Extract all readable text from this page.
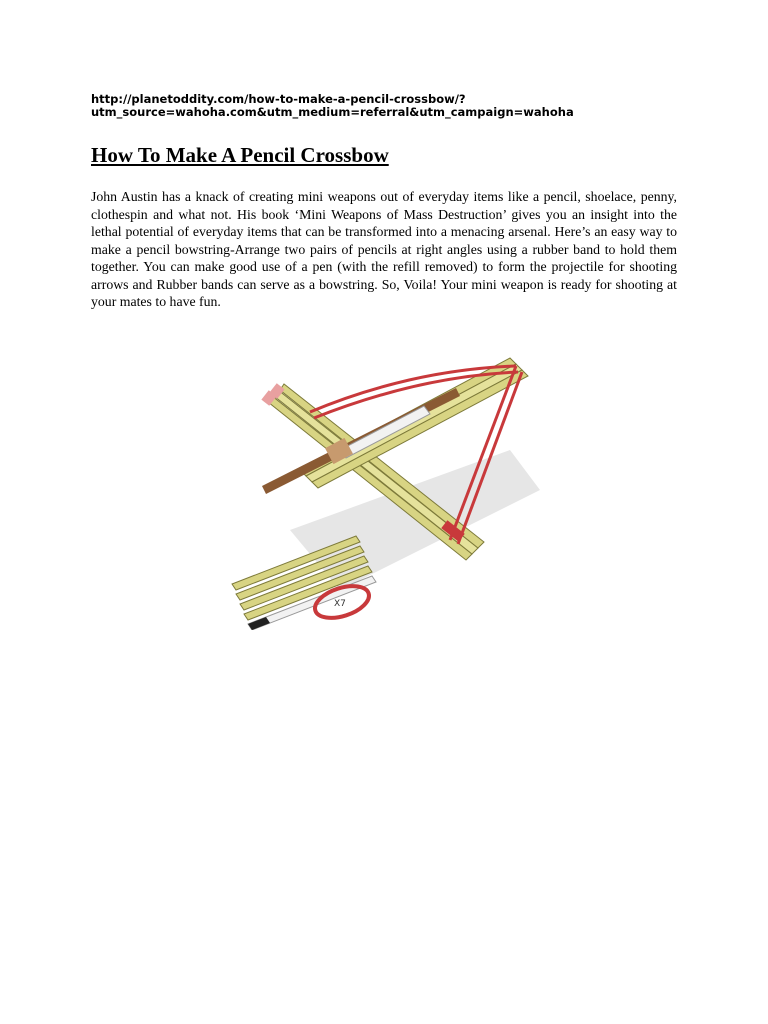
http://planetoddity.com/how-to-make-a-pencil-crossbow/?
utm_source=wahoha.com&utm_medium=referral&utm_campaign=wahoha
How To Make A Pencil Crossbow

John Austin has a knack of creating mini weapons out of everyday items like a pencil, shoelace, penny, clothespin and what not. His book ‘Mini Weapons of Mass Destruction’ gives you an insight into the lethal potential of everyday items that can be transformed into a menacing arsenal. Here’s an easy way to make a pencil bowstring-Arrange two pairs of pencils at right angles using a rubber band to hold them together. You can make good use of a pen (with the refill removed) to form the projectile for shooting arrows and Rubber bands can serve as a bowstring. So, Voila! Your mini weapon is ready for shooting at your mates to have fun.

X7
